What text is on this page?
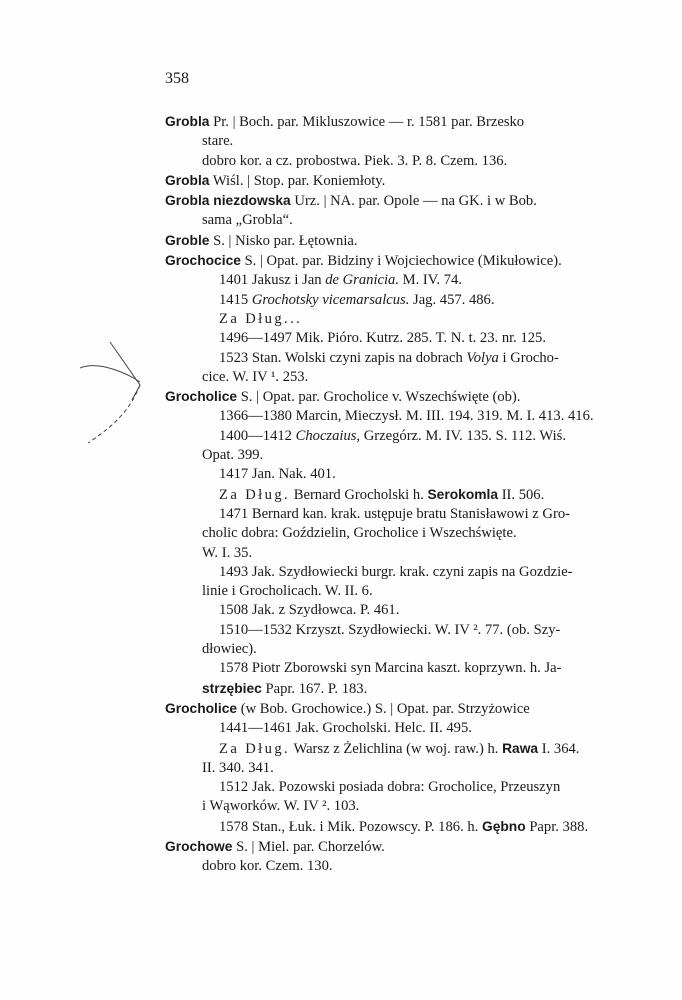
358
Grobla Pr. | Boch. par. Mikluszowice — r. 1581 par. Brzesko
stare.
dobro kor. a cz. probostwa. Piek. 3. P. 8. Czem. 136.
Grobla Wiśl. | Stop. par. Koniemłoty.
Grobla niezdowska Urz. | NA. par. Opole — na GK. i w Bob.
sama „Grobla“.
Groble S. | Nisko par. Łętownia.
Grochocice S. | Opat. par. Bidziny i Wojciechowice (Mikułowice).
1401 Jakusz i Jan de Granicia. M. IV. 74.
1415 Grochotsky vicemarsalcus. Jag. 457. 486.
Za Dług...
1496—1497 Mik. Pióro. Kutrz. 285. T. N. t. 23. nr. 125.
1523 Stan. Wolski czyni zapis na dobrach Volya i Grocho-
cice. W. IV ¹. 253.
Grocholice S. | Opat. par. Grocholice v. Wszechświęte (ob).
1366—1380 Marcin, Mieczysł. M. III. 194. 319. M. I. 413. 416.
1400—1412 Choczaius, Grzegórz. M. IV. 135. S. 112. Wiś.
Opat. 399.
1417 Jan. Nak. 401.
Za Dług. Bernard Grocholski h. Serokomla II. 506.
1471 Bernard kan. krak. ustępuje bratu Stanisławowi z Gro-
cholic dobra: Goździelin, Grocholice i Wszechświęte.
W. I. 35.
1493 Jak. Szydłowiecki burgr. krak. czyni zapis na Gozdzie-
linie i Grocholicach. W. II. 6.
1508 Jak. z Szydłowca. P. 461.
1510—1532 Krzyszt. Szydłowiecki. W. IV ². 77. (ob. Szy-
dłowiec).
1578 Piotr Zborowski syn Marcina kaszt. koprzywn. h. Ja-
strzębiec Papr. 167. P. 183.
Grocholice (w Bob. Grochowice.) S. | Opat. par. Strzyżowice
1441—1461 Jak. Grocholski. Helc. II. 495.
Za Dług. Warsz z Żelichlina (w woj. raw.) h. Rawa I. 364.
II. 340. 341.
1512 Jak. Pozowski posiada dobra: Grocholice, Przeuszyn
i Wąworków. W. IV ². 103.
1578 Stan., Łuk. i Mik. Pozowscy. P. 186. h. Gębno Papr. 388.
Grochowe S. | Miel. par. Chorzelów.
dobro kor. Czem. 130.
